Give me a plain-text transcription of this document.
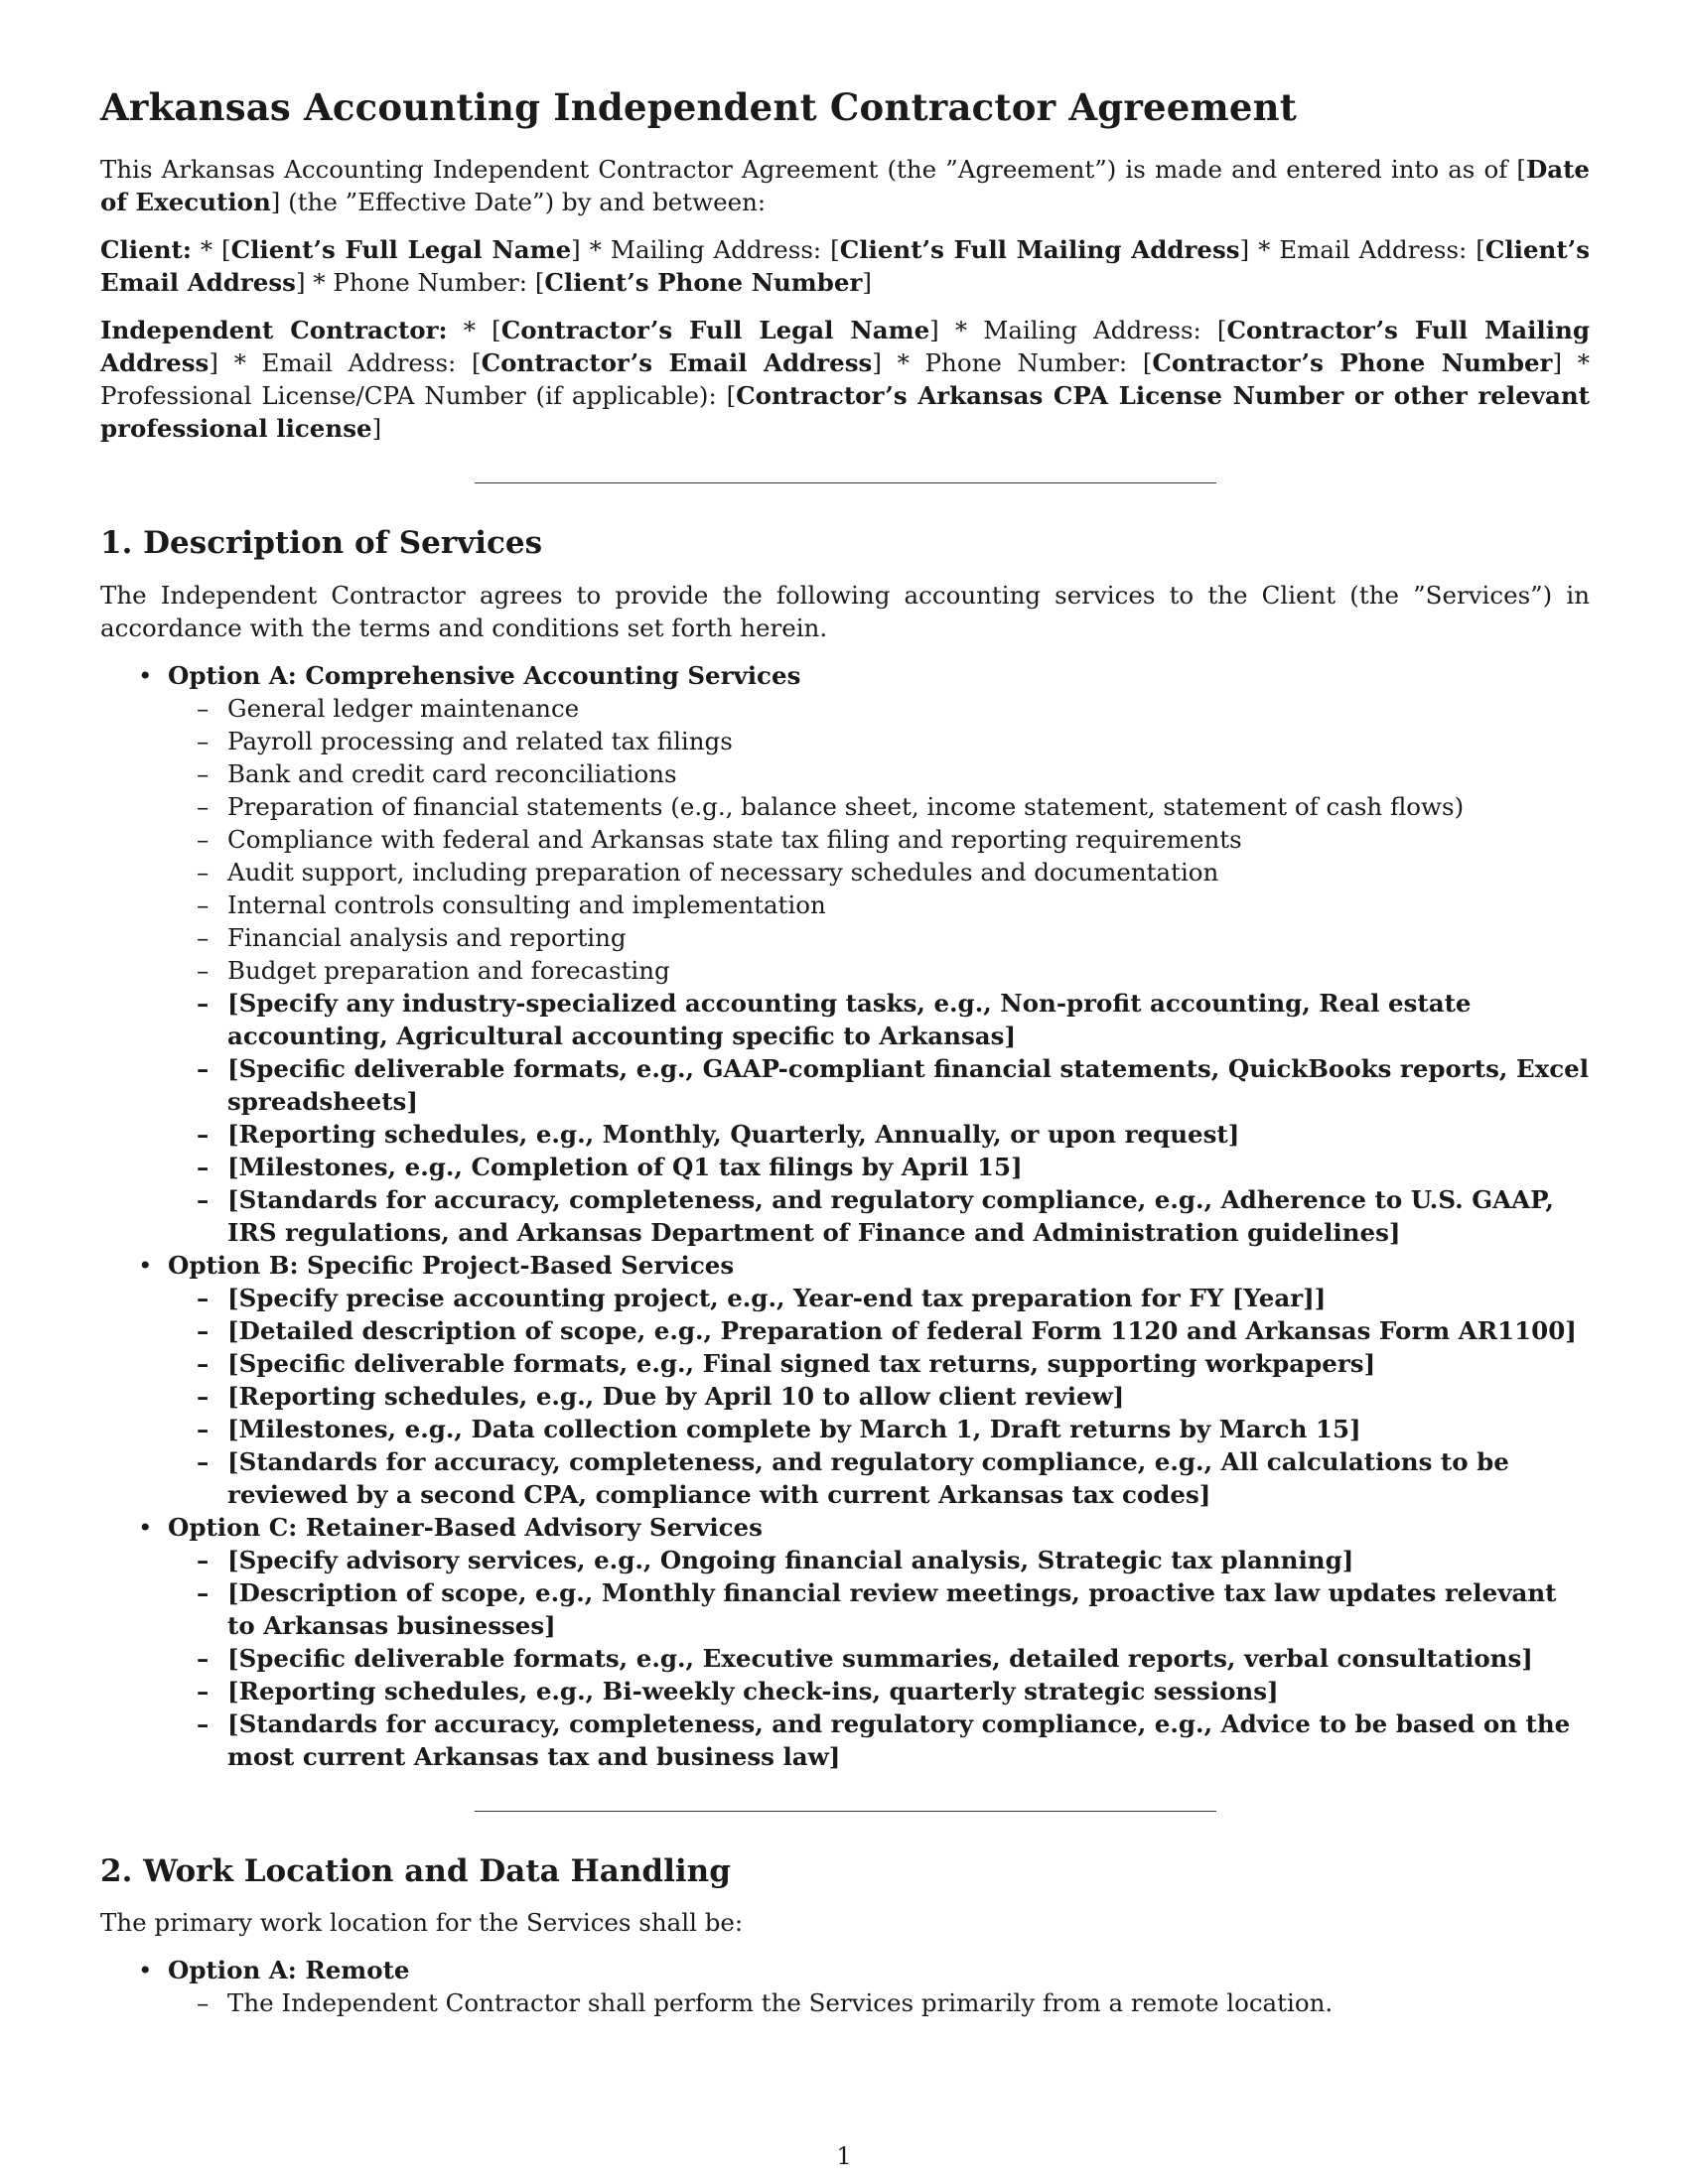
Arkansas Accounting Independent Contractor Agreement

This Arkansas Accounting Independent Contractor Agreement (the ”Agreement”) is made and entered into as of [Date of Execution] (the ”Effective Date”) by and between:

Client: * [Client’s Full Legal Name] * Mailing Address: [Client’s Full Mailing Address] * Email Address: [Client’s Email Address] * Phone Number: [Client’s Phone Number]

Independent Contractor: * [Contractor’s Full Legal Name] * Mailing Address: [Contractor’s Full Mailing Address] * Email Address: [Contractor’s Email Address] * Phone Number: [Contractor’s Phone Number] * Professional License/CPA Number (if applicable): [Contractor’s Arkansas CPA License Number or other relevant professional license]

1. Description of Services

The Independent Contractor agrees to provide the following accounting services to the Client (the ”Services”) in accordance with the terms and conditions set forth herein.

• Option A: Comprehensive Accounting Services
– General ledger maintenance
– Payroll processing and related tax filings
– Bank and credit card reconciliations
– Preparation of financial statements (e.g., balance sheet, income statement, statement of cash flows)
– Compliance with federal and Arkansas state tax filing and reporting requirements
– Audit support, including preparation of necessary schedules and documentation
– Internal controls consulting and implementation
– Financial analysis and reporting
– Budget preparation and forecasting
– [Specify any industry-specialized accounting tasks, e.g., Non-profit accounting, Real estate accounting, Agricultural accounting specific to Arkansas]
– [Specific deliverable formats, e.g., GAAP-compliant financial statements, QuickBooks reports, Excel spreadsheets]
– [Reporting schedules, e.g., Monthly, Quarterly, Annually, or upon request]
– [Milestones, e.g., Completion of Q1 tax filings by April 15]
– [Standards for accuracy, completeness, and regulatory compliance, e.g., Adherence to U.S. GAAP, IRS regulations, and Arkansas Department of Finance and Administration guidelines]
• Option B: Specific Project-Based Services
– [Specify precise accounting project, e.g., Year-end tax preparation for FY [Year]]
– [Detailed description of scope, e.g., Preparation of federal Form 1120 and Arkansas Form AR1100]
– [Specific deliverable formats, e.g., Final signed tax returns, supporting workpapers]
– [Reporting schedules, e.g., Due by April 10 to allow client review]
– [Milestones, e.g., Data collection complete by March 1, Draft returns by March 15]
– [Standards for accuracy, completeness, and regulatory compliance, e.g., All calculations to be reviewed by a second CPA, compliance with current Arkansas tax codes]
• Option C: Retainer-Based Advisory Services
– [Specify advisory services, e.g., Ongoing financial analysis, Strategic tax planning]
– [Description of scope, e.g., Monthly financial review meetings, proactive tax law updates relevant to Arkansas businesses]
– [Specific deliverable formats, e.g., Executive summaries, detailed reports, verbal consultations]
– [Reporting schedules, e.g., Bi-weekly check-ins, quarterly strategic sessions]
– [Standards for accuracy, completeness, and regulatory compliance, e.g., Advice to be based on the most current Arkansas tax and business law]
2. Work Location and Data Handling

The primary work location for the Services shall be:

• Option A: Remote
– The Independent Contractor shall perform the Services primarily from a remote location.
1
